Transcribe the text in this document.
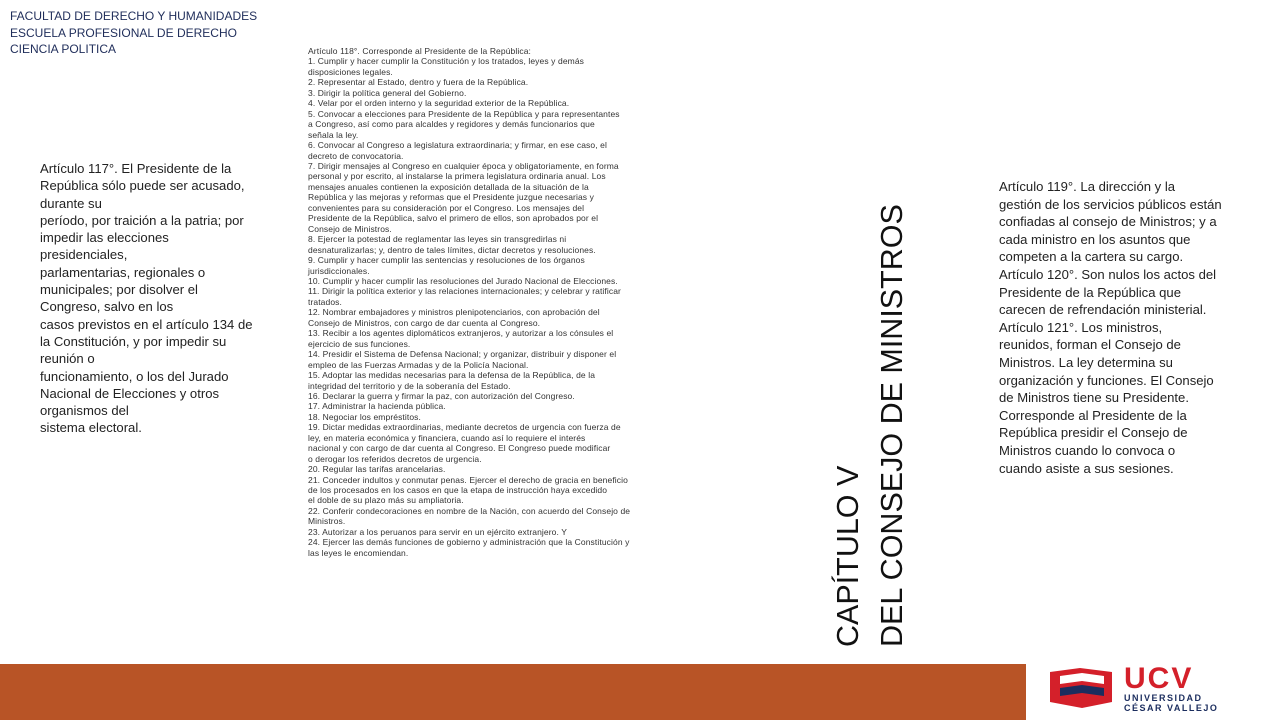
FACULTAD DE DERECHO Y HUMANIDADES
ESCUELA PROFESIONAL DE DERECHO
CIENCIA POLITICA

Artículo 117°. El Presidente de la

República sólo puede ser acusado,

durante su

período, por traición a la patria; por

impedir las elecciones

presidenciales,

parlamentarias, regionales o

municipales; por disolver el

Congreso, salvo en los

casos previstos en el artículo 134 de

la Constitución, y por impedir su

reunión o

funcionamiento, o los del Jurado

Nacional de Elecciones y otros

organismos del

sistema electoral.

Artículo 118°. Corresponde al Presidente de la República:

1. Cumplir y hacer cumplir la Constitución y los tratados, leyes y demás

disposiciones legales.

2. Representar al Estado, dentro y fuera de la República.

3. Dirigir la política general del Gobierno.

4. Velar por el orden interno y la seguridad exterior de la República.

5. Convocar a elecciones para Presidente de la República y para representantes

a Congreso, así como para alcaldes y regidores y demás funcionarios que

señala la ley.

6. Convocar al Congreso a legislatura extraordinaria; y firmar, en ese caso, el

decreto de convocatoria.

7. Dirigir mensajes al Congreso en cualquier época y obligatoriamente, en forma

personal y por escrito, al instalarse la primera legislatura ordinaria anual. Los

mensajes anuales contienen la exposición detallada de la situación de la

República y las mejoras y reformas que el Presidente juzgue necesarias y

convenientes para su consideración por el Congreso. Los mensajes del

Presidente de la República, salvo el primero de ellos, son aprobados por el

Consejo de Ministros.

8. Ejercer la potestad de reglamentar las leyes sin transgredirlas ni

desnaturalizarlas; y, dentro de tales límites, dictar decretos y resoluciones.

9. Cumplir y hacer cumplir las sentencias y resoluciones de los órganos

jurisdiccionales.

10. Cumplir y hacer cumplir las resoluciones del Jurado Nacional de Elecciones.

11. Dirigir la política exterior y las relaciones internacionales; y celebrar y ratificar

tratados.

12. Nombrar embajadores y ministros plenipotenciarios, con aprobación del

Consejo de Ministros, con cargo de dar cuenta al Congreso.

13. Recibir a los agentes diplomáticos extranjeros, y autorizar a los cónsules el

ejercicio de sus funciones.

14. Presidir el Sistema de Defensa Nacional; y organizar, distribuir y disponer el

empleo de las Fuerzas Armadas y de la Policía Nacional.

15. Adoptar las medidas necesarias para la defensa de la República, de la

integridad del territorio y de la soberanía del Estado.

16. Declarar la guerra y firmar la paz, con autorización del Congreso.

17. Administrar la hacienda pública.

18. Negociar los empréstitos.

19. Dictar medidas extraordinarias, mediante decretos de urgencia con fuerza de

ley, en materia económica y financiera, cuando así lo requiere el interés

nacional y con cargo de dar cuenta al Congreso. El Congreso puede modificar

o derogar los referidos decretos de urgencia.

20. Regular las tarifas arancelarias.

21. Conceder indultos y conmutar penas. Ejercer el derecho de gracia en beneficio

de los procesados en los casos en que la etapa de instrucción haya excedido

el doble de su plazo más su ampliatoria.

22. Conferir condecoraciones en nombre de la Nación, con acuerdo del Consejo de

Ministros.

23. Autorizar a los peruanos para servir en un ejército extranjero. Y

24. Ejercer las demás funciones de gobierno y administración que la Constitución y

las leyes le encomiendan.	CAPÍTULO V DEL CONSEJO DE MINISTROS

Artículo 119°. La dirección y la

gestión de los servicios públicos están

confiadas al consejo de Ministros; y a

cada ministro en los asuntos que

competen a la cartera su cargo.

Artículo 120°. Son nulos los actos del

Presidente de la República que

carecen de refrendación ministerial.

Artículo 121°. Los ministros,

reunidos, forman el Consejo de

Ministros. La ley determina su

organización y funciones. El Consejo

de Ministros tiene su Presidente.

Corresponde al Presidente de la

República presidir el Consejo de

Ministros cuando lo convoca o

cuando asiste a sus sesiones.

UCV
UNIVERSIDAD
CÉSAR VALLEJO
